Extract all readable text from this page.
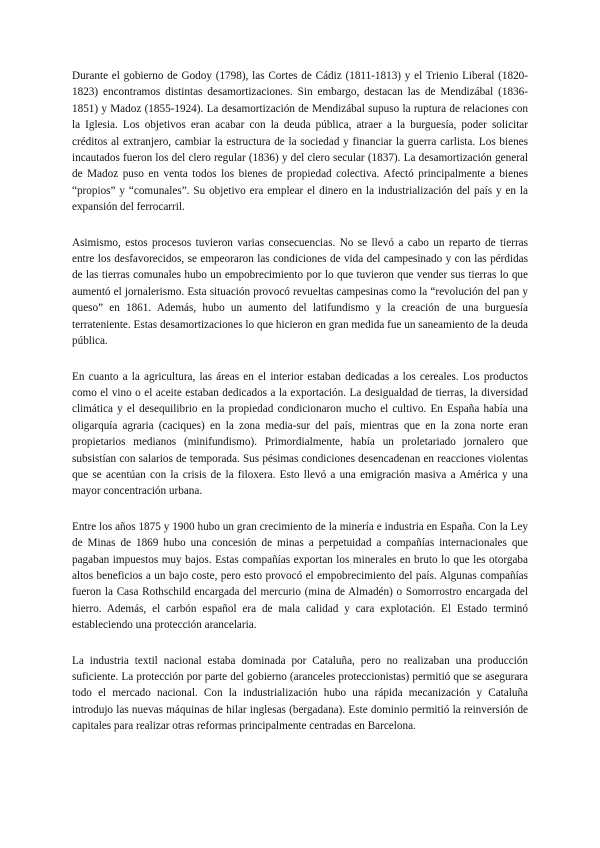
Durante el gobierno de Godoy (1798), las Cortes de Cádiz (1811-1813) y el Trienio Liberal (1820-1823) encontramos distintas desamortizaciones. Sin embargo, destacan las de Mendizábal (1836-1851) y Madoz (1855-1924). La desamortización de Mendizábal supuso la ruptura de relaciones con la Iglesia. Los objetivos eran acabar con la deuda pública, atraer a la burguesía, poder solicitar créditos al extranjero, cambiar la estructura de la sociedad y financiar la guerra carlista. Los bienes incautados fueron los del clero regular (1836) y del clero secular (1837). La desamortización general de Madoz puso en venta todos los bienes de propiedad colectiva. Afectó principalmente a bienes “propios” y “comunales”. Su objetivo era emplear el dinero en la industrialización del país y en la expansión del ferrocarril.

Asimismo, estos procesos tuvieron varias consecuencias. No se llevó a cabo un reparto de tierras entre los desfavorecidos, se empeoraron las condiciones de vida del campesinado y con las pérdidas de las tierras comunales hubo un empobrecimiento por lo que tuvieron que vender sus tierras lo que aumentó el jornalerismo. Esta situación provocó revueltas campesinas como la “revolución del pan y queso” en 1861. Además, hubo un aumento del latifundismo y la creación de una burguesía terrateniente. Estas desamortizaciones lo que hicieron en gran medida fue un saneamiento de la deuda pública.

En cuanto a la agricultura, las áreas en el interior estaban dedicadas a los cereales. Los productos como el vino o el aceite estaban dedicados a la exportación. La desigualdad de tierras, la diversidad climática y el desequilibrio en la propiedad condicionaron mucho el cultivo. En España había una oligarquía agraria (caciques) en la zona media-sur del país, mientras que en la zona norte eran propietarios medianos (minifundismo). Primordialmente, había un proletariado jornalero que subsistían con salarios de temporada. Sus pésimas condiciones desencadenan en reacciones violentas que se acentúan con la crisis de la filoxera. Esto llevó a una emigración masiva a América y una mayor concentración urbana.

Entre los años 1875 y 1900 hubo un gran crecimiento de la minería e industria en España. Con la Ley de Minas de 1869 hubo una concesión de minas a perpetuidad a compañías internacionales que pagaban impuestos muy bajos. Estas compañías exportan los minerales en bruto lo que les otorgaba altos beneficios a un bajo coste, pero esto provocó el empobrecimiento del país. Algunas compañías fueron la Casa Rothschild encargada del mercurio (mina de Almadén) o Somorrostro encargada del hierro. Además, el carbón español era de mala calidad y cara explotación. El Estado terminó estableciendo una protección arancelaria.

La industria textil nacional estaba dominada por Cataluña, pero no realizaban una producción suficiente. La protección por parte del gobierno (aranceles proteccionistas) permitió que se asegurara todo el mercado nacional. Con la industrialización hubo una rápida mecanización y Cataluña introdujo las nuevas máquinas de hilar inglesas (bergadana). Este dominio permitió la reinversión de capitales para realizar otras reformas principalmente centradas en Barcelona.
